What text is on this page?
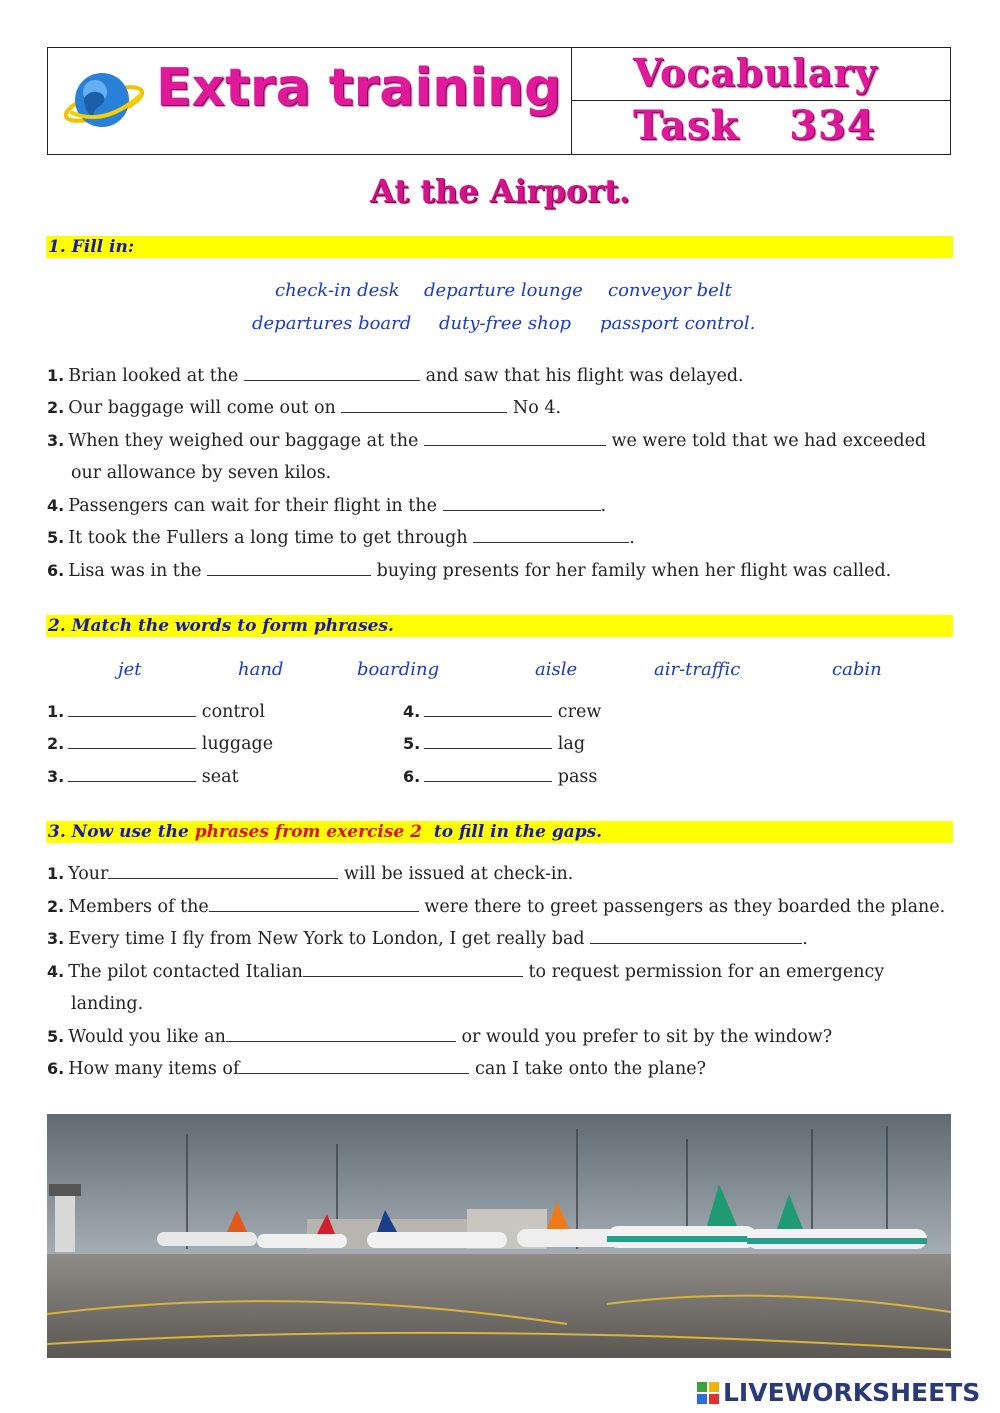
Extra training Vocabulary
Task 334
At the Airport.
1. Fill in:
check-in desk departure lounge conveyor belt
departures board duty-free shop passport control.
1. Brian looked at the	and saw that his flight was delayed.
2. Our baggage will come out on	No 4.
3. When they weighed our baggage at the	we were told that we had exceeded
our allowance by seven kilos.
4. Passengers can wait for their flight in the	.
5. It took the Fullers a long time to get through	.
6. Lisa was in the	buying presents for her family when her flight was called.
2. Match the words to form phrases.
jet	hand	boarding	aisle	air-traffic	cabin
1.	control
2.	luggage
3.	seat
4.	crew
5.	lag
6.	pass
3. Now use the phrases from exercise 2  to fill in the gaps.
1. Your	will be issued at check-in.
2. Members of the	were there to greet passengers as they boarded the plane.
3. Every time I fly from New York to London, I get really bad	.
4. The pilot contacted Italian	to request permission for an emergency
landing.
5. Would you like an	or would you prefer to sit by the window?
6. How many items of	can I take onto the plane?
LIVEWORKSHEETS
